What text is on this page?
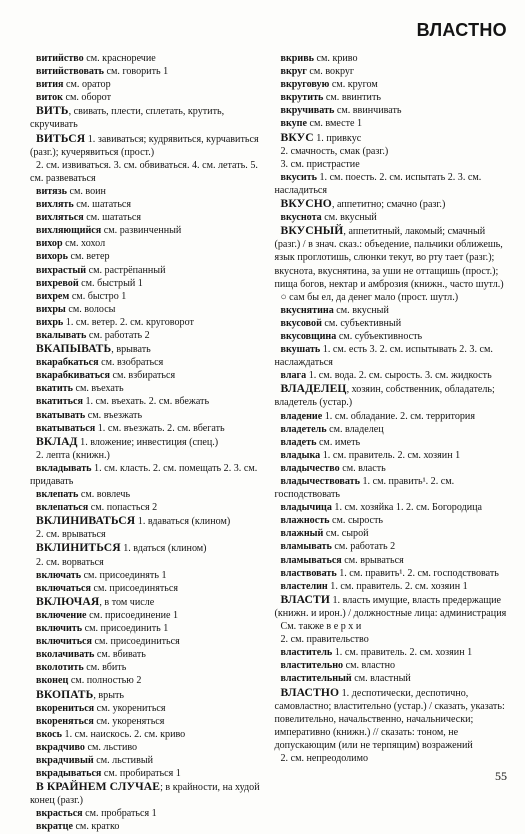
ВЛАСТНО

витийство см. красноречие

витийствовать см. говорить 1

вития см. оратор

виток см. оборот

ВИТЬ, свивать, плести, сплетать, крутить, скручивать

ВИТЬСЯ 1. завиваться; кудрявиться, курчавиться (разг.); кучерявиться (прост.)

2. см. извиваться. 3. см. обвиваться. 4. см. летать. 5. см. развеваться

витязь см. воин

вихлять см. шататься

вихляться см. шататься

вихляющийся см. развинченный

вихор см. хохол

вихорь см. ветер

вихрастый см. растрёпанный

вихревой см. быстрый 1

вихрем см. быстро 1

вихры см. волосы

вихрь 1. см. ветер. 2. см. круговорот

вкалывать см. работать 2

ВКАПЫВАТЬ, врывать

вкарабкаться см. взобраться

вкарабкиваться см. взбираться

вкатить см. въехать

вкатиться 1. см. въехать. 2. см. вбежать

вкатывать см. въезжать

вкатываться 1. см. въезжать. 2. см. вбегать

ВКЛАД 1. вложение; инвестиция (спец.)

2. лепта (книжн.)

вкладывать 1. см. класть. 2. см. помещать 2. 3. см. придавать

вклепать см. вовлечь

вклепаться см. попасться 2

ВКЛИНИВАТЬСЯ 1. вдаваться (клином)

2. см. врываться

ВКЛИНИТЬСЯ 1. вдаться (клином)

2. см. ворваться

включать см. присоединять 1

включаться см. присоединяться

ВКЛЮЧАЯ, в том числе

включение см. присоединение 1

включить см. присоединить 1

включиться см. присоединиться

вколачивать см. вбивать

вколотить см. вбить

вконец см. полностью 2

ВКОПАТЬ, врыть

вкорениться см. укорениться

вкореняться см. укореняться

вкось 1. см. наискось. 2. см. криво

вкрадчиво см. льстиво

вкрадчивый см. льстивый

вкрадываться см. пробираться 1

В КРАЙНЕМ СЛУЧАЕ; в крайности, на худой конец (разг.)

вкрасться см. пробраться 1

вкратце см. кратко

вкривь см. криво

вкруг см. вокруг

вкруговую см. кругом

вкрутить см. ввинтить

вкручивать см. ввинчивать

вкупе см. вместе 1

ВКУС 1. привкус

2. смачность, смак (разг.)

3. см. пристрастие

вкусить 1. см. поесть. 2. см. испытать 2. 3. см. насладиться

ВКУСНО, аппетитно; смачно (разг.)

вкуснота см. вкусный

ВКУСНЫЙ, аппетитный, лакомый; смачный (разг.) / в знач. сказ.: объедение, пальчики оближешь, язык проглотишь, слюнки текут, во рту тает (разг.); вкуснота, вкуснятина, за уши не оттащишь (прост.); пища богов, нектар и амброзия (книжн., часто шутл.)

○ сам бы ел, да денег мало (прост. шутл.)

вкуснятина см. вкусный

вкусовой см. субъективный

вкусовщина см. субъективность

вкушать 1. см. есть 3. 2. см. испытывать 2. 3. см. наслаждаться

влага 1. см. вода. 2. см. сырость. 3. см. жидкость

ВЛАДЕЛЕЦ, хозяин, собственник, обладатель; владетель (устар.)

владение 1. см. обладание. 2. см. территория

владетель см. владелец

владеть см. иметь

владыка 1. см. правитель. 2. см. хозяин 1

владычество см. власть

владычествовать 1. см. править¹. 2. см. господствовать

владычица 1. см. хозяйка 1. 2. см. Богородица

влажность см. сырость

влажный см. сырой

вламывать см. работать 2

вламываться см. врываться

властвовать 1. см. править¹. 2. см. господствовать

властелин 1. см. правитель. 2. см. хозяин 1

ВЛАСТИ 1. власть имущие, власть предержащие (книжн. и ирон.) / должностные лица: администрация

См. также в е р х и

2. см. правительство

властитель 1. см. правитель. 2. см. хозяин 1

властительно см. властно

властительный см. властный

ВЛАСТНО 1. деспотически, деспотично, самовластно; властительно (устар.) / сказать, указать: повелительно, начальственно, начальнически; императивно (книжн.) // сказать: тоном, не допускающим (или не терпящим) возражений

2. см. непреодолимо

55
